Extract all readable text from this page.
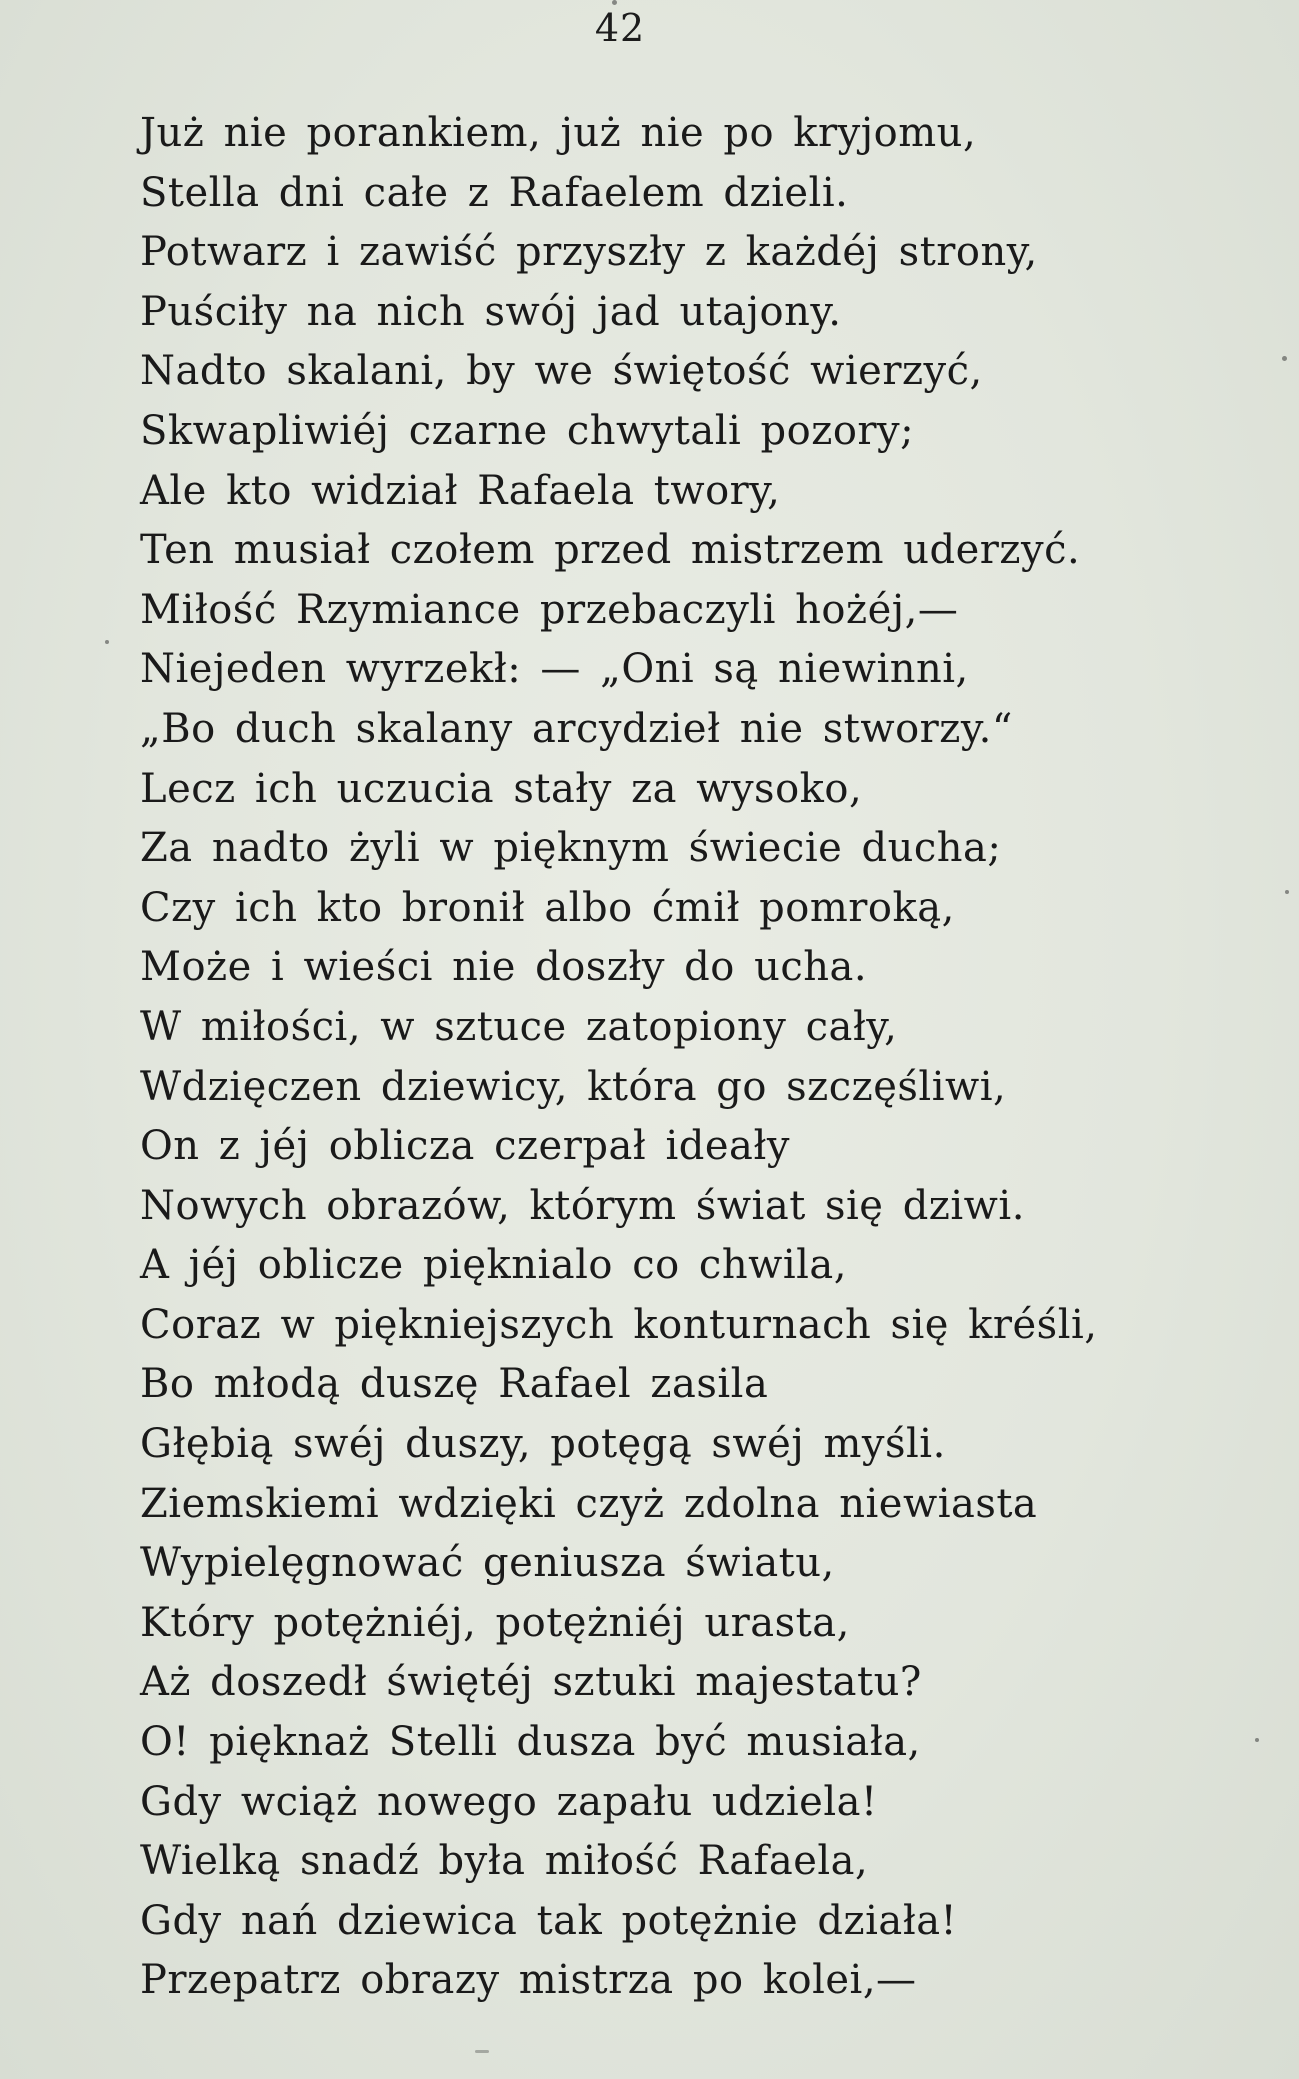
42
Już nie porankiem, już nie po kryjomu,
Stella dni całe z Rafaelem dzieli.
Potwarz i zawiść przyszły z każdéj strony,
Puściły na nich swój jad utajony.
Nadto skalani, by we świętość wierzyć,
Skwapliwiéj czarne chwytali pozory;
Ale kto widział Rafaela twory,
Ten musiał czołem przed mistrzem uderzyć.
Miłość Rzymiance przebaczyli hożéj,—
Niejeden wyrzekł: — „Oni są niewinni,
„Bo duch skalany arcydzieł nie stworzy.“
Lecz ich uczucia stały za wysoko,
Za nadto żyli w pięknym świecie ducha;
Czy ich kto bronił albo ćmił pomroką,
Może i wieści nie doszły do ucha.
W miłości, w sztuce zatopiony cały,
Wdzięczen dziewicy, która go szczęśliwi,
On z jéj oblicza czerpał ideały
Nowych obrazów, którym świat się dziwi.
A jéj oblicze pięknialo co chwila,
Coraz w piękniejszych konturnach się kréśli,
Bo młodą duszę Rafael zasila
Głębią swéj duszy, potęgą swéj myśli.
Ziemskiemi wdzięki czyż zdolna niewiasta
Wypielęgnować geniusza światu,
Który potężniéj, potężniéj urasta,
Aż doszedł świętéj sztuki majestatu?
O! pięknaż Stelli dusza być musiała,
Gdy wciąż nowego zapału udziela!
Wielką snadź była miłość Rafaela,
Gdy nań dziewica tak potężnie działa!
Przepatrz obrazy mistrza po kolei,—
